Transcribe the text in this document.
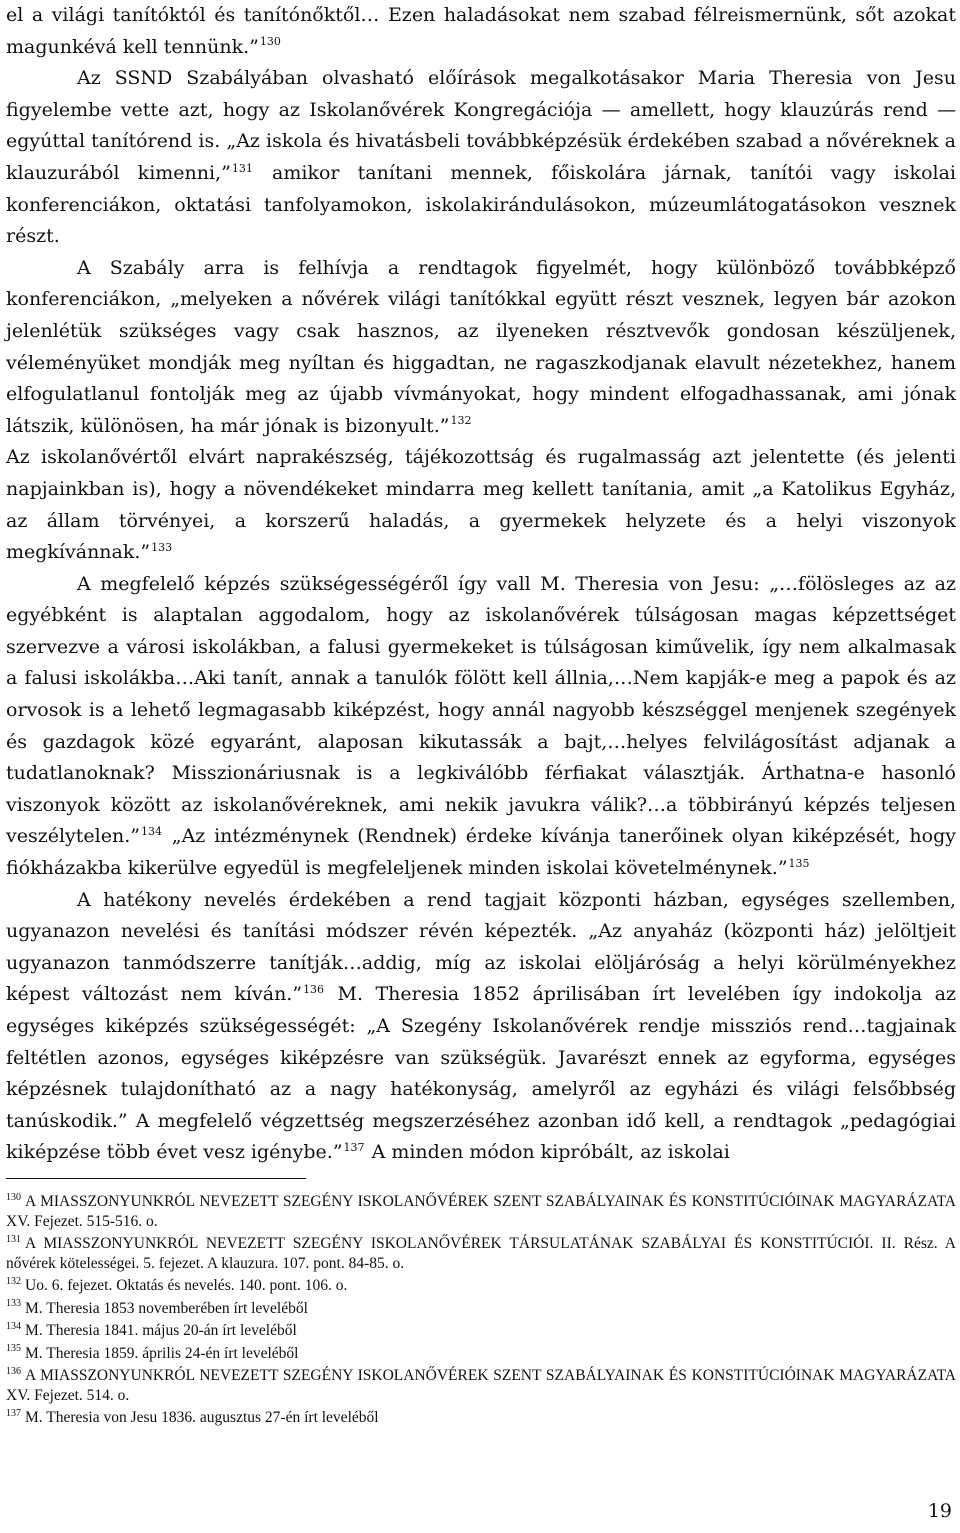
el a világi tanítóktól és tanítónőktől… Ezen haladásokat nem szabad félreismernünk, sőt azokat magunkévá kell tennünk.”$^{130}$

Az SSND Szabályában olvasható előírások megalkotásakor Maria Theresia von Jesu figyelembe vette azt, hogy az Iskolanővérek Kongregációja — amellett, hogy klauzúrás rend — egyúttal tanítórend is. „Az iskola és hivatásbeli továbbképzésük érdekében szabad a nővéreknek a klauzurából kimenni,”$^{131}$ amikor tanítani mennek, főiskolára járnak, tanítói vagy iskolai konferenciákon, oktatási tanfolyamokon, iskolakirándulásokon, múzeumlátogatásokon vesznek részt.

A Szabály arra is felhívja a rendtagok figyelmét, hogy különböző továbbképző konferenciákon, „melyeken a nővérek világi tanítókkal együtt részt vesznek, legyen bár azokon jelenlétük szükséges vagy csak hasznos, az ilyeneken résztvevők gondosan készüljenek, véleményüket mondják meg nyíltan és higgadtan, ne ragaszkodjanak elavult nézetekhez, hanem elfogulatlanul fontolják meg az újabb vívmányokat, hogy mindent elfogadhassanak, ami jónak látszik, különösen, ha már jónak is bizonyult.”$^{132}$

Az iskolanővértől elvárt naprakészség, tájékozottság és rugalmasság azt jelentette (és jelenti napjainkban is), hogy a növendékeket mindarra meg kellett tanítania, amit „a Katolikus Egyház, az állam törvényei, a korszerű haladás, a gyermekek helyzete és a helyi viszonyok megkívánnak.”$^{133}$

A megfelelő képzés szükségességéről így vall M. Theresia von Jesu: „…fölösleges az az egyébként is alaptalan aggodalom, hogy az iskolanővérek túlságosan magas képzettséget szervezve a városi iskolákban, a falusi gyermekeket is túlságosan kiművelik, így nem alkalmasak a falusi iskolákba…Aki tanít, annak a tanulók fölött kell állnia,…Nem kapják-e meg a papok és az orvosok is a lehető legmagasabb kiképzést, hogy annál nagyobb készséggel menjenek szegények és gazdagok közé egyaránt, alaposan kikutassák a bajt,…helyes felvilágosítást adjanak a tudatlanoknak? Misszionáriusnak is a legkiválóbb férfiakat választják. Árthatna-e hasonló viszonyok között az iskolanővéreknek, ami nekik javukra válik?…a többirányú képzés teljesen veszélytelen.”$^{134}$ „Az intézménynek (Rendnek) érdeke kívánja tanerőinek olyan kiképzését, hogy fiókházakba kikerülve egyedül is megfeleljenek minden iskolai követelménynek.”$^{135}$

A hatékony nevelés érdekében a rend tagjait központi házban, egységes szellemben, ugyanazon nevelési és tanítási módszer révén képezték. „Az anyaház (központi ház) jelöltjeit ugyanazon tanmódszerre tanítják…addig, míg az iskolai elöljáróság a helyi körülményekhez képest változást nem kíván.”$^{136}$ M. Theresia 1852 áprilisában írt levelében így indokolja az egységes kiképzés szükségességét: „A Szegény Iskolanővérek rendje missziós rend…tagjainak feltétlen azonos, egységes kiképzésre van szükségük. Javarészt ennek az egyforma, egységes képzésnek tulajdonítható az a nagy hatékonyság, amelyről az egyházi és világi felsőbbség tanúskodik.” A megfelelő végzettség megszerzéséhez azonban idő kell, a rendtagok „pedagógiai kiképzése több évet vesz igénybe.”$^{137}$ A minden módon kipróbált, az iskolai

$^{130}$ A MIASSZONYUNKRÓL NEVEZETT SZEGÉNY ISKOLANŐVÉREK SZENT SZABÁLYAINAK ÉS KONSTITÚCIÓINAK MAGYARÁZATA XV. Fejezet. 515-516. o.
$^{131}$ A MIASSZONYUNKRÓL NEVEZETT SZEGÉNY ISKOLANŐVÉREK TÁRSULATÁNAK SZABÁLYAI ÉS KONSTITÚCIÓI. II. Rész. A nővérek kötelességei. 5. fejezet. A klauzura. 107. pont. 84-85. o.
$^{132}$ Uo. 6. fejezet. Oktatás és nevelés. 140. pont. 106. o.
$^{133}$ M. Theresia 1853 novemberében írt leveléből
$^{134}$ M. Theresia 1841. május 20-án írt leveléből
$^{135}$ M. Theresia 1859. április 24-én írt leveléből
$^{136}$ A MIASSZONYUNKRÓL NEVEZETT SZEGÉNY ISKOLANŐVÉREK SZENT SZABÁLYAINAK ÉS KONSTITÚCIÓINAK MAGYARÁZATA XV. Fejezet. 514. o.
$^{137}$ M. Theresia von Jesu 1836. augusztus 27-én írt leveléből
19
